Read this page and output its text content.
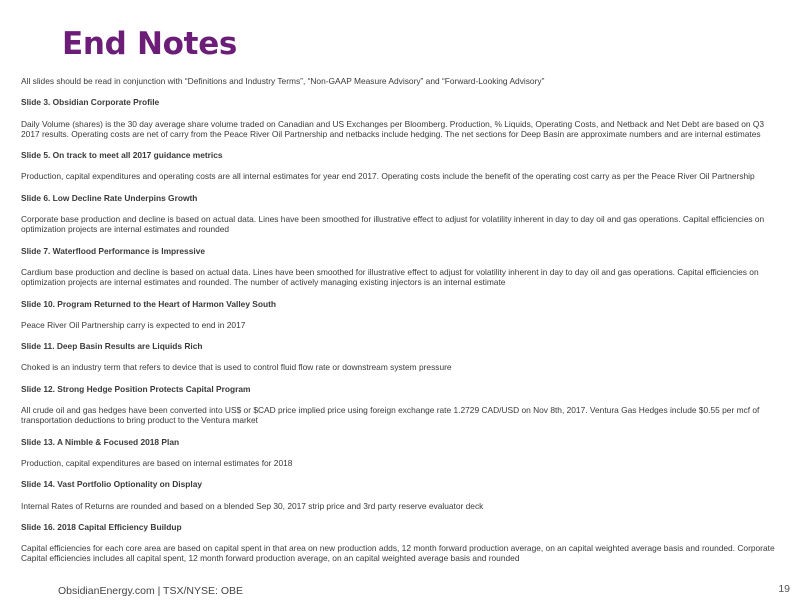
End Notes

All slides should be read in conjunction with “Definitions and Industry Terms”, “Non-GAAP Measure Advisory” and “Forward-Looking Advisory”

Slide 3. Obsidian Corporate Profile

Daily Volume (shares) is the 30 day average share volume traded on Canadian and US Exchanges per Bloomberg. Production, % Liquids, Operating Costs, and Netback and Net Debt are based on Q3 2017 results. Operating costs are net of carry from the Peace River Oil Partnership and netbacks include hedging. The net sections for Deep Basin are approximate numbers and are internal estimates

Slide 5. On track to meet all 2017 guidance metrics

Production, capital expenditures and operating costs are all internal estimates for year end 2017. Operating costs include the benefit of the operating cost carry as per the Peace River Oil Partnership

Slide 6. Low Decline Rate Underpins Growth

Corporate base production and decline is based on actual data. Lines have been smoothed for illustrative effect to adjust for volatility inherent in day to day oil and gas operations. Capital efficiencies on optimization projects are internal estimates and rounded

Slide 7. Waterflood Performance is Impressive

Cardium base production and decline is based on actual data. Lines have been smoothed for illustrative effect to adjust for volatility inherent in day to day oil and gas operations. Capital efficiencies on optimization projects are internal estimates and rounded. The number of actively managing existing injectors is an internal estimate

Slide 10. Program Returned to the Heart of Harmon Valley South

Peace River Oil Partnership carry is expected to end in 2017

Slide 11. Deep Basin Results are Liquids Rich

Choked is an industry term that refers to device that is used to control fluid flow rate or downstream system pressure

Slide 12. Strong Hedge Position Protects Capital Program

All crude oil and gas hedges have been converted into US$ or $CAD price implied price using foreign exchange rate 1.2729 CAD/USD on Nov 8th, 2017. Ventura Gas Hedges include $0.55 per mcf of transportation deductions to bring product to the Ventura market

Slide 13. A Nimble & Focused 2018 Plan

Production, capital expenditures are based on internal estimates for 2018

Slide 14. Vast Portfolio Optionality on Display

Internal Rates of Returns are rounded and based on a blended Sep 30, 2017 strip price and 3rd party reserve evaluator deck

Slide 16. 2018 Capital Efficiency Buildup

Capital efficiencies for each core area are based on capital spent in that area on new production adds, 12 month forward production average, on an capital weighted average basis and rounded. Corporate Capital efficiencies includes all capital spent, 12 month forward production average, on an capital weighted average basis and rounded

ObsidianEnergy.com | TSX/NYSE: OBE	19
